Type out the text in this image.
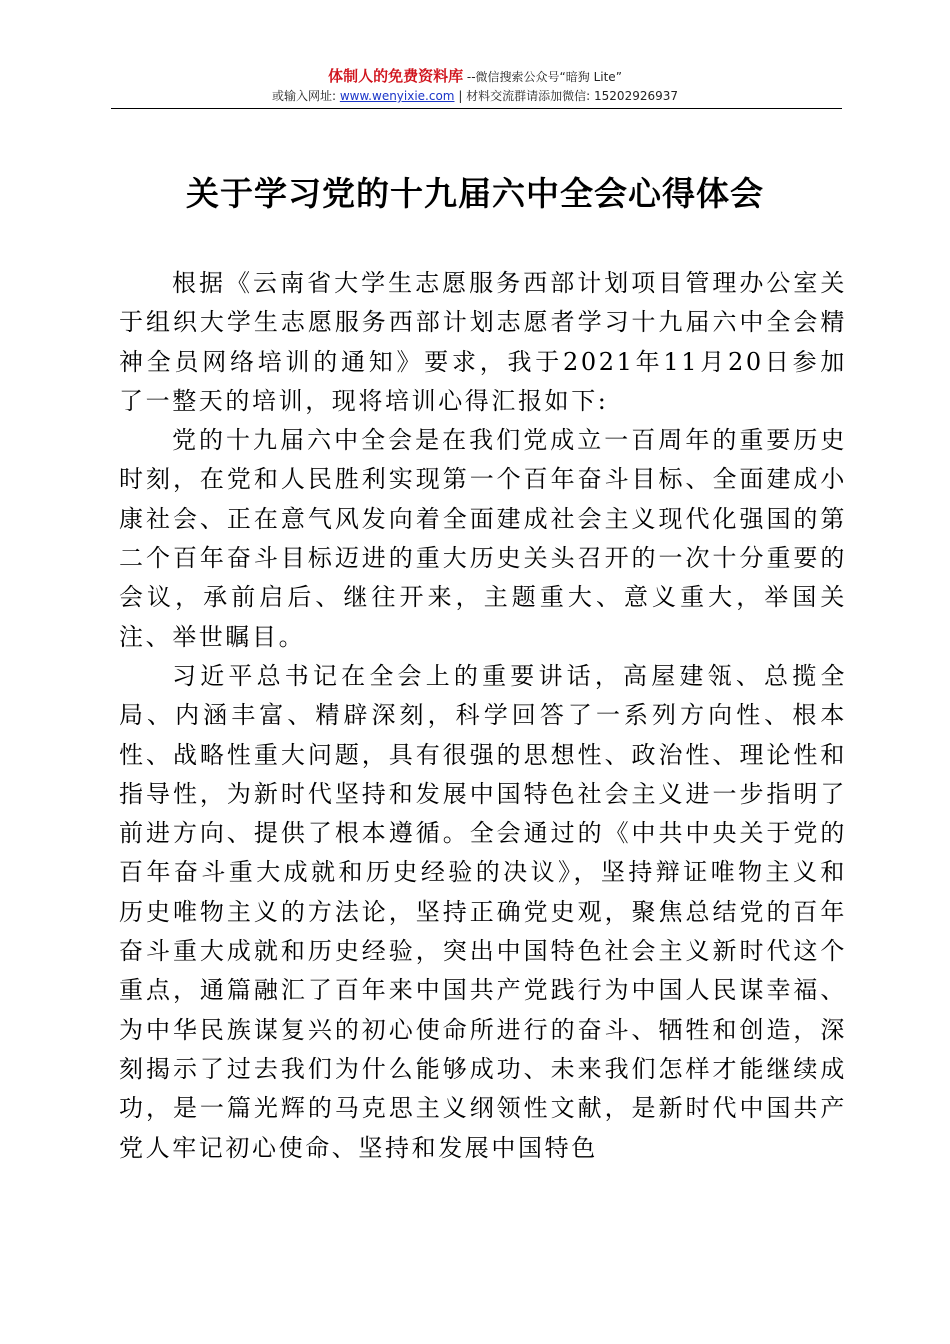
体制人的免费资料库 --微信搜索公众号“暗狗 Lite”
或输入网址: www.wenyixie.com | 材料交流群请添加微信: 15202926937
关于学习党的十九届六中全会心得体会

根据《云南省大学生志愿服务西部计划项目管理办公室关于组织大学生志愿服务西部计划志愿者学习十九届六中全会精神全员网络培训的通知》要求，我于2021年11月20日参加了一整天的培训，现将培训心得汇报如下:

党的十九届六中全会是在我们党成立一百周年的重要历史时刻，在党和人民胜利实现第一个百年奋斗目标、全面建成小康社会、正在意气风发向着全面建成社会主义现代化强国的第二个百年奋斗目标迈进的重大历史关头召开的一次十分重要的会议，承前启后、继往开来，主题重大、意义重大，举国关注、举世瞩目。

习近平总书记在全会上的重要讲话，高屋建瓴、总揽全局、内涵丰富、精辟深刻，科学回答了一系列方向性、根本性、战略性重大问题，具有很强的思想性、政治性、理论性和指导性，为新时代坚持和发展中国特色社会主义进一步指明了前进方向、提供了根本遵循。全会通过的《中共中央关于党的百年奋斗重大成就和历史经验的决议》，坚持辩证唯物主义和历史唯物主义的方法论，坚持正确党史观，聚焦总结党的百年奋斗重大成就和历史经验，突出中国特色社会主义新时代这个重点，通篇融汇了百年来中国共产党践行为中国人民谋幸福、为中华民族谋复兴的初心使命所进行的奋斗、牺牲和创造，深刻揭示了过去我们为什么能够成功、未来我们怎样才能继续成功，是一篇光辉的马克思主义纲领性文献，是新时代中国共产党人牢记初心使命、坚持和发展中国特色
